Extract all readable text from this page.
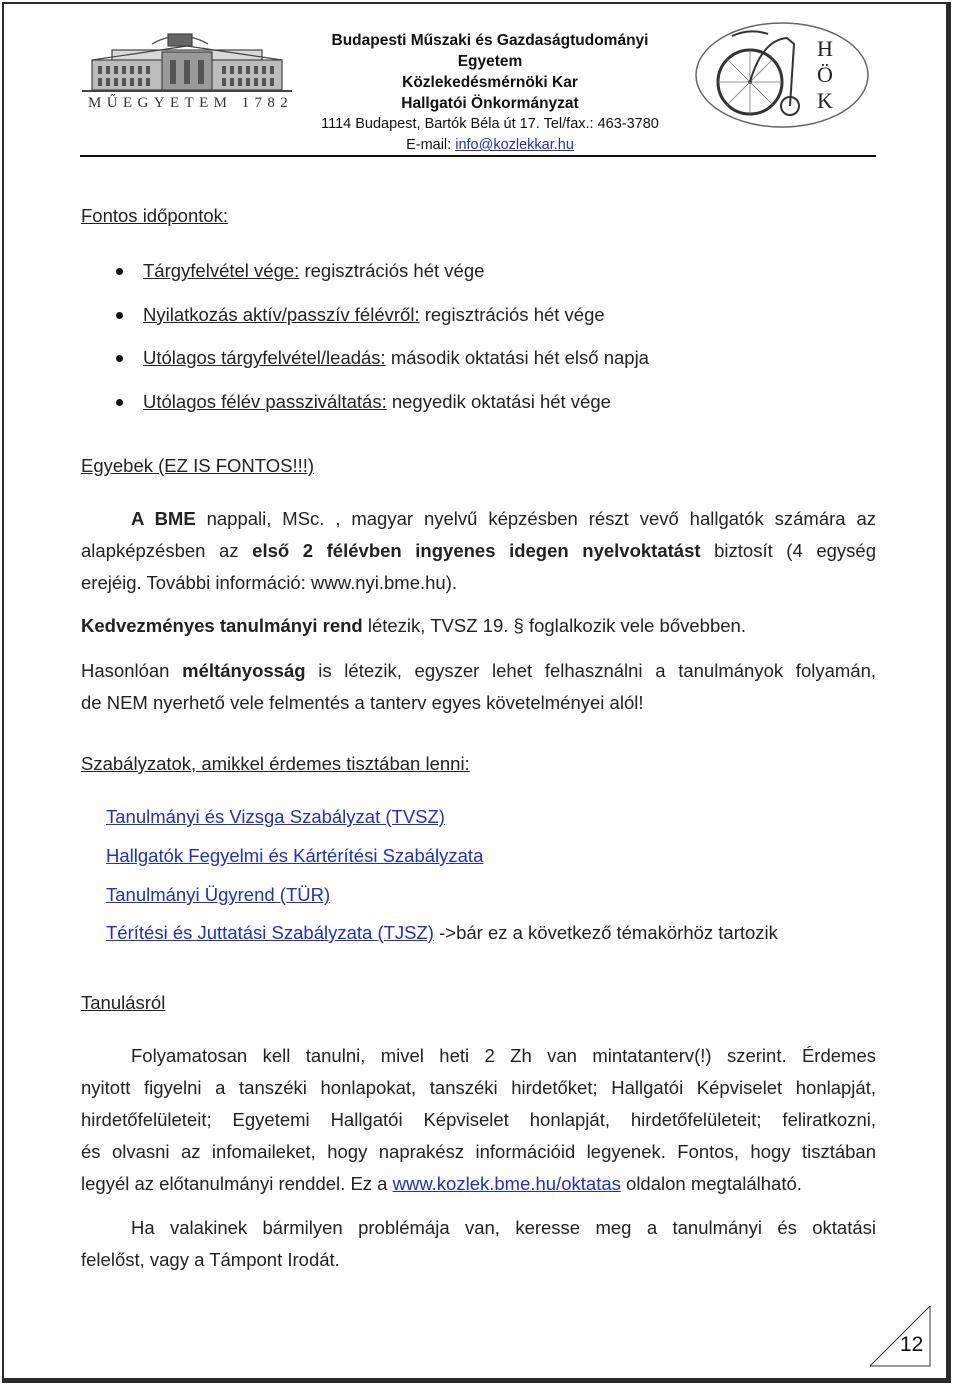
MŰEGYETEM 1782
Budapesti Műszaki és Gazdaságtudományi Egyetem
Közlekedésmérnöki Kar
Hallgatói Önkormányzat
1114 Budapest, Bartók Béla út 17. Tel/fax.: 463-3780
E-mail: info@kozlekkar.hu
H
Ö
K
Fontos időpontok:
Tárgyfelvétel vége: regisztrációs hét vége
Nyilatkozás aktív/passzív félévről: regisztrációs hét vége
Utólagos tárgyfelvétel/leadás: második oktatási hét első napja
Utólagos félév passziváltatás: negyedik oktatási hét vége
Egyebek (EZ IS FONTOS!!!)
A BME nappali, MSc. , magyar nyelvű képzésben részt vevő hallgatók számára az
alapképzésben az első 2 félévben ingyenes idegen nyelvoktatást biztosít (4 egység
erejéig. További információ: www.nyi.bme.hu).
Kedvezményes tanulmányi rend létezik, TVSZ 19. § foglalkozik vele bővebben.
Hasonlóan méltányosság is létezik, egyszer lehet felhasználni a tanulmányok folyamán,
de NEM nyerhető vele felmentés a tanterv egyes követelményei alól!
Szabályzatok, amikkel érdemes tisztában lenni:
Tanulmányi és Vizsga Szabályzat (TVSZ)
Hallgatók Fegyelmi és Kártérítési Szabályzata
Tanulmányi Ügyrend (TÜR)
Térítési és Juttatási Szabályzata (TJSZ) ->bár ez a következő témakörhöz tartozik
Tanulásról
Folyamatosan kell tanulni, mivel heti 2 Zh van mintatanterv(!) szerint. Érdemes
nyitott figyelni a tanszéki honlapokat, tanszéki hirdetőket; Hallgatói Képviselet honlapját,
hirdetőfelületeit; Egyetemi Hallgatói Képviselet honlapját, hirdetőfelületeit; feliratkozni,
és olvasni az infomaileket, hogy naprakész információid legyenek. Fontos, hogy tisztában
legyél az előtanulmányi renddel. Ez a www.kozlek.bme.hu/oktatas oldalon megtalálható.
Ha valakinek bármilyen problémája van, keresse meg a tanulmányi és oktatási
felelőst, vagy a Támpont Irodát.
12
